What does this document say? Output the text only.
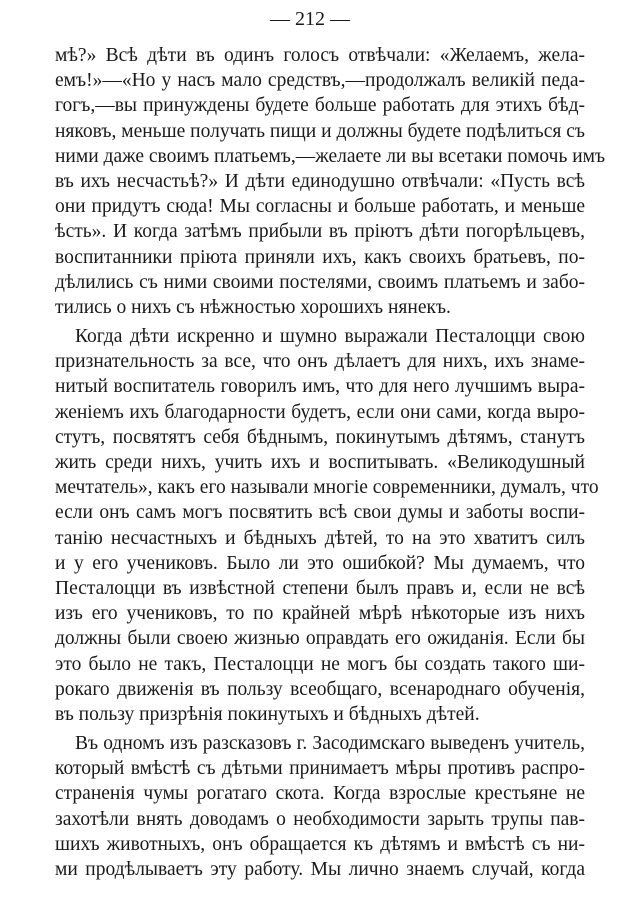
— 212 —
мѣ?» Всѣ дѣти въ одинъ голосъ отвѣчали: «Желаемъ, жела-
емъ!»—«Но у насъ мало средствъ,—продолжалъ великій педа-
гогъ,—вы принуждены будете больше работать для этихъ бѣд-
няковъ, меньше получать пищи и должны будете подѣлиться съ
ними даже своимъ платьемъ,—желаете ли вы всетаки помочь имъ
въ ихъ несчастьѣ?» И дѣти единодушно отвѣчали: «Пусть всѣ
они придутъ сюда! Мы согласны и больше работать, и меньше
ѣсть». И когда затѣмъ прибыли въ пріютъ дѣти погорѣльцевъ,
воспитанники пріюта приняли ихъ, какъ своихъ братьевъ, по-
дѣлились съ ними своими постелями, своимъ платьемъ и забо-
тились о нихъ съ нѣжностью хорошихъ нянекъ.
Когда дѣти искренно и шумно выражали Песталоцци свою
признательность за все, что онъ дѣлаетъ для нихъ, ихъ знаме-
нитый воспитатель говорилъ имъ, что для него лучшимъ выра-
женіемъ ихъ благодарности будетъ, если они сами, когда выро-
стутъ, посвятятъ себя бѣднымъ, покинутымъ дѣтямъ, станутъ
жить среди нихъ, учить ихъ и воспитывать. «Великодушный
мечтатель», какъ его называли многіе современники, думалъ, что
если онъ самъ могъ посвятить всѣ свои думы и заботы воспи-
танію несчастныхъ и бѣдныхъ дѣтей, то на это хватитъ силъ
и у его учениковъ. Было ли это ошибкой? Мы думаемъ, что
Песталоцци въ извѣстной степени былъ правъ и, если не всѣ
изъ его учениковъ, то по крайней мѣрѣ нѣкоторые изъ нихъ
должны были своею жизнью оправдать его ожиданія. Если бы
это было не такъ, Песталоцци не могъ бы создать такого ши-
рокаго движенія въ пользу всеобщаго, всенароднаго обученія,
въ пользу призрѣнія покинутыхъ и бѣдныхъ дѣтей.
Въ одномъ изъ разсказовъ г. Засодимскаго выведенъ учитель,
который вмѣстѣ съ дѣтьми принимаетъ мѣры противъ распро-
страненія чумы рогатаго скота. Когда взрослые крестьяне не
захотѣли внять доводамъ о необходимости зарыть трупы пав-
шихъ животныхъ, онъ обращается къ дѣтямъ и вмѣстѣ съ ни-
ми продѣлываетъ эту работу. Мы лично знаемъ случай, когда
